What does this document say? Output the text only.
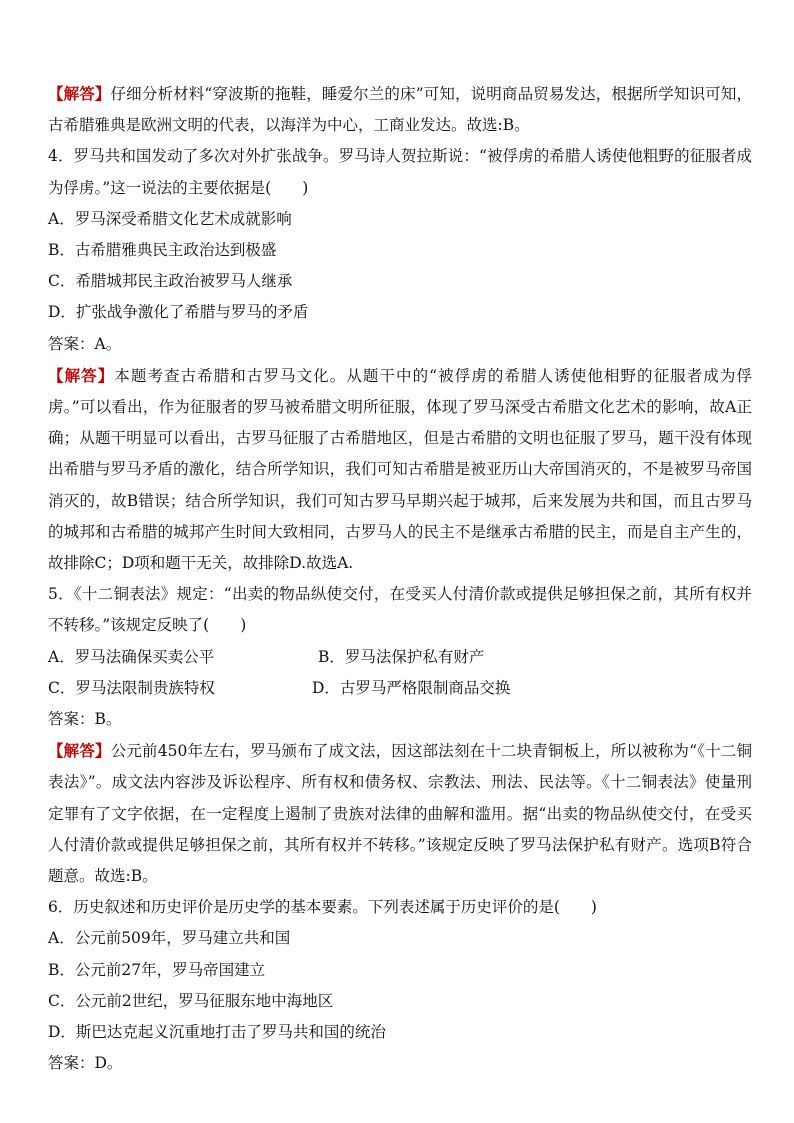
【解答】仔细分析材料“穿波斯的拖鞋，睡爱尔兰的床”可知，说明商品贸易发达，根据所学知识可知，古希腊雅典是欧洲文明的代表，以海洋为中心，工商业发达。故选:B。

4．罗马共和国发动了多次对外扩张战争。罗马诗人贺拉斯说：“被俘虏的希腊人诱使他粗野的征服者成为俘虏。”这一说法的主要依据是(　　)

A．罗马深受希腊文化艺术成就影响

B．古希腊雅典民主政治达到极盛

C．希腊城邦民主政治被罗马人继承

D．扩张战争激化了希腊与罗马的矛盾

答案：A。

【解答】本题考查古希腊和古罗马文化。从题干中的“被俘虏的希腊人诱使他相野的征服者成为俘虏。”可以看出，作为征服者的罗马被希腊文明所征服，体现了罗马深受古希腊文化艺术的影响，故A正确；从题干明显可以看出，古罗马征服了古希腊地区，但是古希腊的文明也征服了罗马，题干没有体现出希腊与罗马矛盾的激化，结合所学知识，我们可知古希腊是被亚历山大帝国消灭的，不是被罗马帝国消灭的，故B错误；结合所学知识，我们可知古罗马早期兴起于城邦，后来发展为共和国，而且古罗马的城邦和古希腊的城邦产生时间大致相同，古罗马人的民主不是继承古希腊的民主，而是自主产生的，故排除C；D项和题干无关，故排除D.故选A.

5．《十二铜表法》规定：“出卖的物品纵使交付，在受买人付清价款或提供足够担保之前，其所有权并不转移。”该规定反映了(　　)

A．罗马法确保买卖公平	B．罗马法保护私有财产
C．罗马法限制贵族特权	D．古罗马严格限制商品交换

答案：B。

【解答】公元前450年左右，罗马颁布了成文法，因这部法刻在十二块青铜板上，所以被称为“《十二铜表法》”。成文法内容涉及诉讼程序、所有权和债务权、宗教法、刑法、民法等。《十二铜表法》使量刑定罪有了文字依据，在一定程度上遏制了贵族对法律的曲解和滥用。据“出卖的物品纵使交付，在受买人付清价款或提供足够担保之前，其所有权并不转移。”该规定反映了罗马法保护私有财产。选项B符合题意。故选:B。

6．历史叙述和历史评价是历史学的基本要素。下列表述属于历史评价的是(　　)

A．公元前509年，罗马建立共和国

B．公元前27年，罗马帝国建立

C．公元前2世纪，罗马征服东地中海地区

D．斯巴达克起义沉重地打击了罗马共和国的统治

答案：D。
